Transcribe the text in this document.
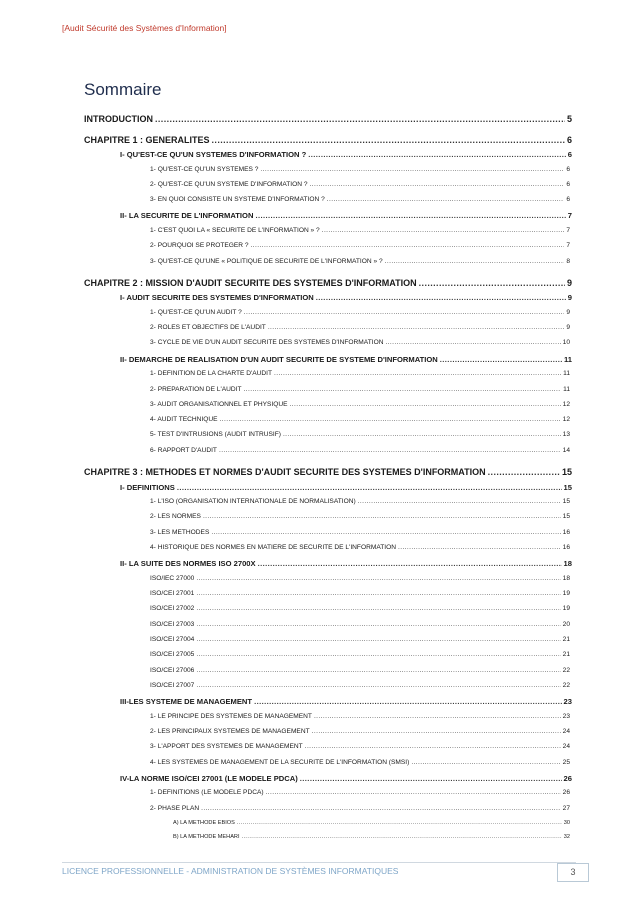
[Audit Sécurité des Systèmes d'Information]
Sommaire
INTRODUCTION .....	5
CHAPITRE 1 : GENERALITES .....	6
I- QU'EST-CE QU'UN SYSTEMES D'INFORMATION ? .....	6
1- QU'EST-CE QU'UN SYSTEMES ? .....	6
2- QU'EST-CE QU'UN SYSTEME D'INFORMATION ? .....	6
3- EN QUOI CONSISTE UN SYSTEME D'INFORMATION ? .....	6
II- LA SECURITE DE L'INFORMATION .....	7
1- C'EST QUOI LA « SECURITE DE L'INFORMATION » ? .....	7
2- POURQUOI SE PROTEGER ? .....	7
3- QU'EST-CE QU'UNE « POLITIQUE DE SECURITE DE L'INFORMATION » ? .....	8
CHAPITRE 2 : MISSION D'AUDIT SECURITE DES SYSTEMES D'INFORMATION .....	9
I- AUDIT SECURITE DES SYSTEMES D'INFORMATION .....	9
1- QU'EST-CE QU'UN AUDIT ? .....	9
2- ROLES ET OBJECTIFS DE L'AUDIT .....	9
3- CYCLE DE VIE D'UN AUDIT SECURITE DES SYSTEMES D'INFORMATION .....	10
II- DEMARCHE DE REALISATION D'UN AUDIT SECURITE DE SYSTEME D'INFORMATION .....	11
1- DEFINITION DE LA CHARTE D'AUDIT .....	11
2- PREPARATION DE L'AUDIT .....	11
3- AUDIT ORGANISATIONNEL ET PHYSIQUE .....	12
4- AUDIT TECHNIQUE .....	12
5- TEST D'INTRUSIONS (AUDIT INTRUSIF) .....	13
6- RAPPORT D'AUDIT .....	14
CHAPITRE 3 : METHODES ET NORMES D'AUDIT SECURITE DES SYSTEMES D'INFORMATION .....	15
I- DEFINITIONS .....	15
1- L'ISO (ORGANISATION INTERNATIONALE DE NORMALISATION) .....	15
2- LES NORMES .....	15
3- LES METHODES .....	16
4- HISTORIQUE DES NORMES EN MATIERE DE SECURITE DE L'INFORMATION .....	16
II- LA SUITE DES NORMES ISO 2700X .....	18
ISO/IEC 27000 .....	18
ISO/CEI 27001 .....	19
ISO/CEI 27002 .....	19
ISO/CEI 27003 .....	20
ISO/CEI 27004 .....	21
ISO/CEI 27005 .....	21
ISO/CEI 27006 .....	22
ISO/CEI 27007 .....	22
III-LES SYSTEME DE MANAGEMENT .....	23
1- LE PRINCIPE DES SYSTEMES DE MANAGEMENT .....	23
2- LES PRINCIPAUX SYSTEMES DE MANAGEMENT .....	24
3- L'APPORT DES SYSTEMES DE MANAGEMENT .....	24
4- LES SYSTEMES DE MANAGEMENT DE LA SECURITE DE L'INFORMATION (SMSI) .....	25
IV-LA NORME ISO/CEI 27001 (LE MODELE PDCA) .....	26
1- DEFINITIONS (LE MODELE PDCA) .....	26
2- PHASE PLAN .....	27
A) LA METHODE EBIOS .....	30
B) LA METHODE MEHARI .....	32
LICENCE PROFESSIONNELLE - ADMINISTRATION DE SYSTÈMES INFORMATIQUES	3
